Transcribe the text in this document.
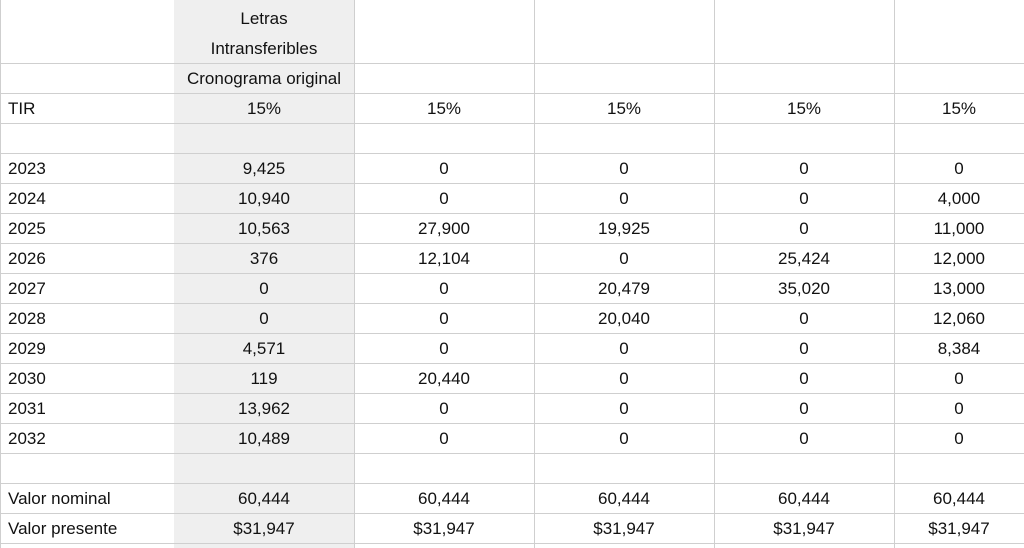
Letras
Intransferibles
Cronograma original
TIR	15%	15%	15%	15%	15%
2023	9,425	0	0	0	0
2024	10,940	0	0	0	4,000
2025	10,563	27,900	19,925	0	11,000
2026	376	12,104	0	25,424	12,000
2027	0	0	20,479	35,020	13,000
2028	0	0	20,040	0	12,060
2029	4,571	0	0	0	8,384
2030	119	20,440	0	0	0
2031	13,962	0	0	0	0
2032	10,489	0	0	0	0
Valor nominal	60,444	60,444	60,444	60,444	60,444
Valor presente	$31,947	$31,947	$31,947	$31,947	$31,947
